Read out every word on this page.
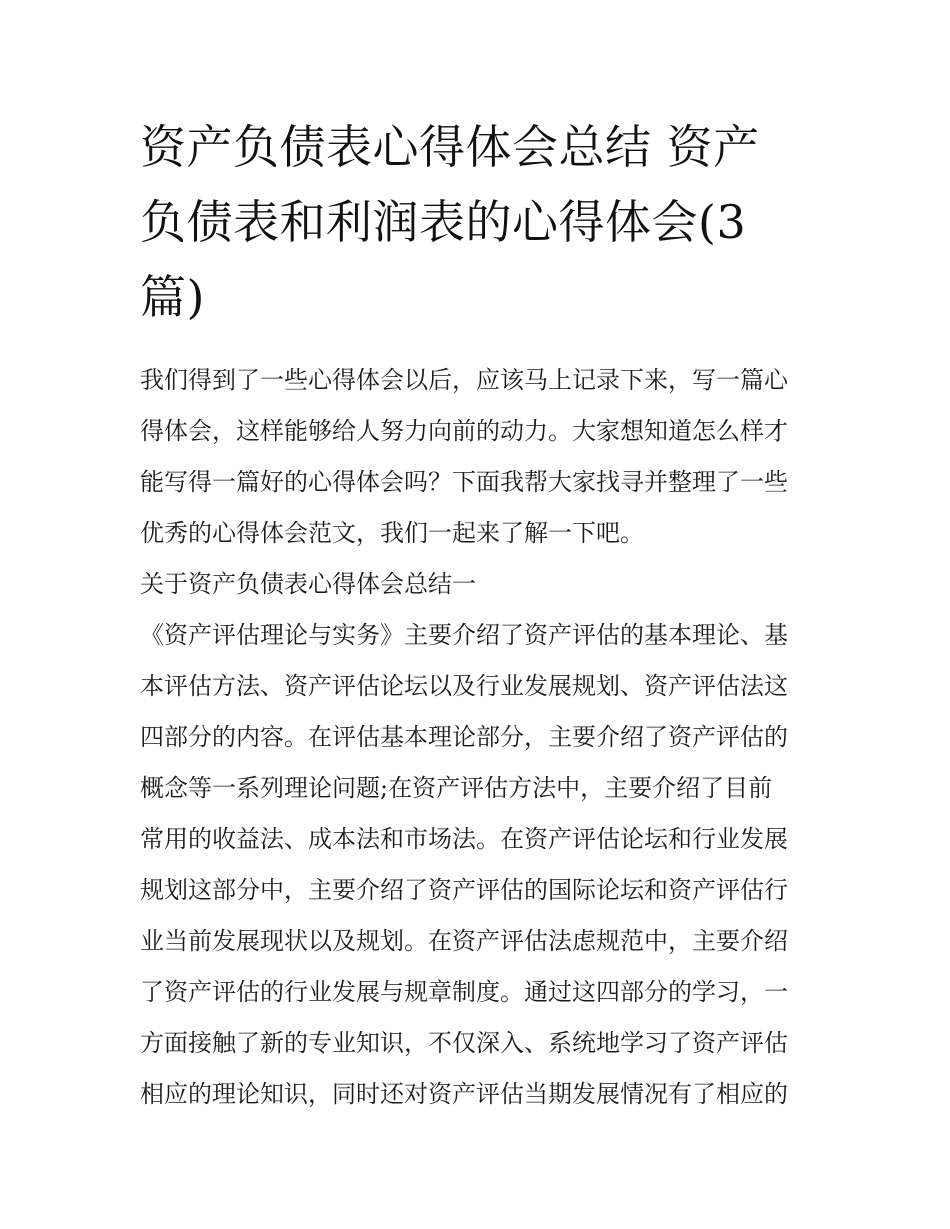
资产负债表心得体会总结 资产
负债表和利润表的心得体会(3
篇)

我们得到了一些心得体会以后，应该马上记录下来，写一篇心
得体会，这样能够给人努力向前的动力。大家想知道怎么样才
能写得一篇好的心得体会吗？下面我帮大家找寻并整理了一些
优秀的心得体会范文，我们一起来了解一下吧。

关于资产负债表心得体会总结一

《资产评估理论与实务》主要介绍了资产评估的基本理论、基
本评估方法、资产评估论坛以及行业发展规划、资产评估法这
四部分的内容。在评估基本理论部分，主要介绍了资产评估的
概念等一系列理论问题;在资产评估方法中，主要介绍了目前
常用的收益法、成本法和市场法。在资产评估论坛和行业发展
规划这部分中，主要介绍了资产评估的国际论坛和资产评估行
业当前发展现状以及规划。在资产评估法虑规范中，主要介绍
了资产评估的行业发展与规章制度。通过这四部分的学习，一
方面接触了新的专业知识，不仅深入、系统地学习了资产评估
相应的理论知识，同时还对资产评估当期发展情况有了相应的
